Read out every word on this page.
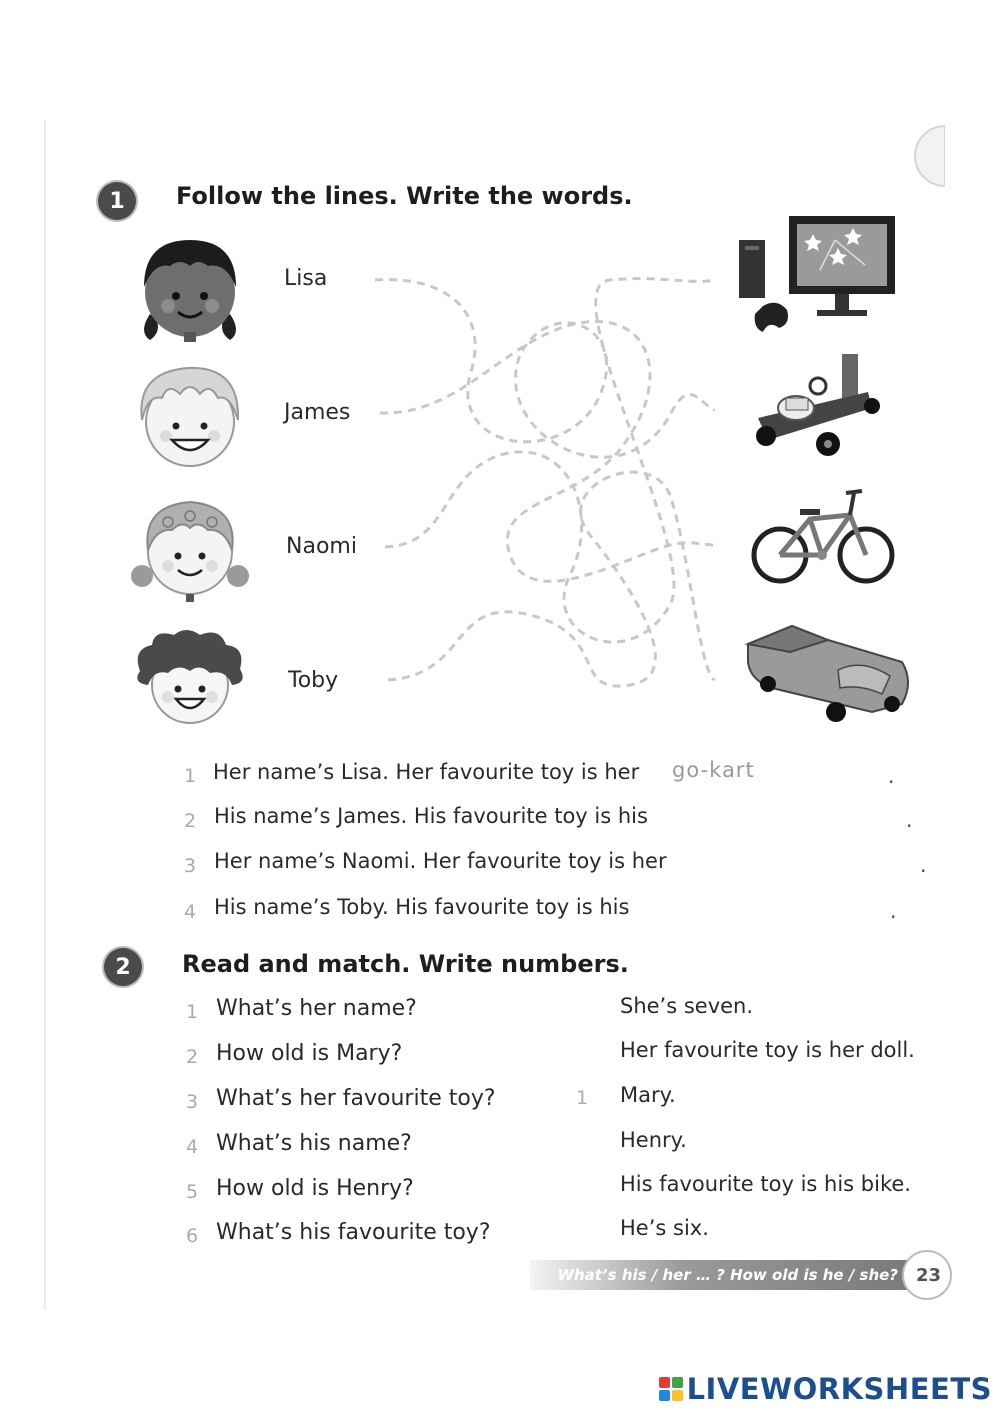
1	Follow the lines. Write the words.
Lisa
James
Naomi
Toby
1 Her name’s Lisa. Her favourite toy is her go-kart	.
2 His name’s James. His favourite toy is his	.
3 Her name’s Naomi. Her favourite toy is her	.
4 His name’s Toby. His favourite toy is his	.
2	Read and match. Write numbers.
1 What’s her name?
2 How old is Mary?
3 What’s her favourite toy?
4 What’s his name?
5 How old is Henry?
6 What’s his favourite toy?
She’s seven.
Her favourite toy is her doll.
1	Mary.
Henry.
His favourite toy is his bike.
He’s six.
What’s his / her … ? How old is he / she?	23
LIVEWORKSHEETS
